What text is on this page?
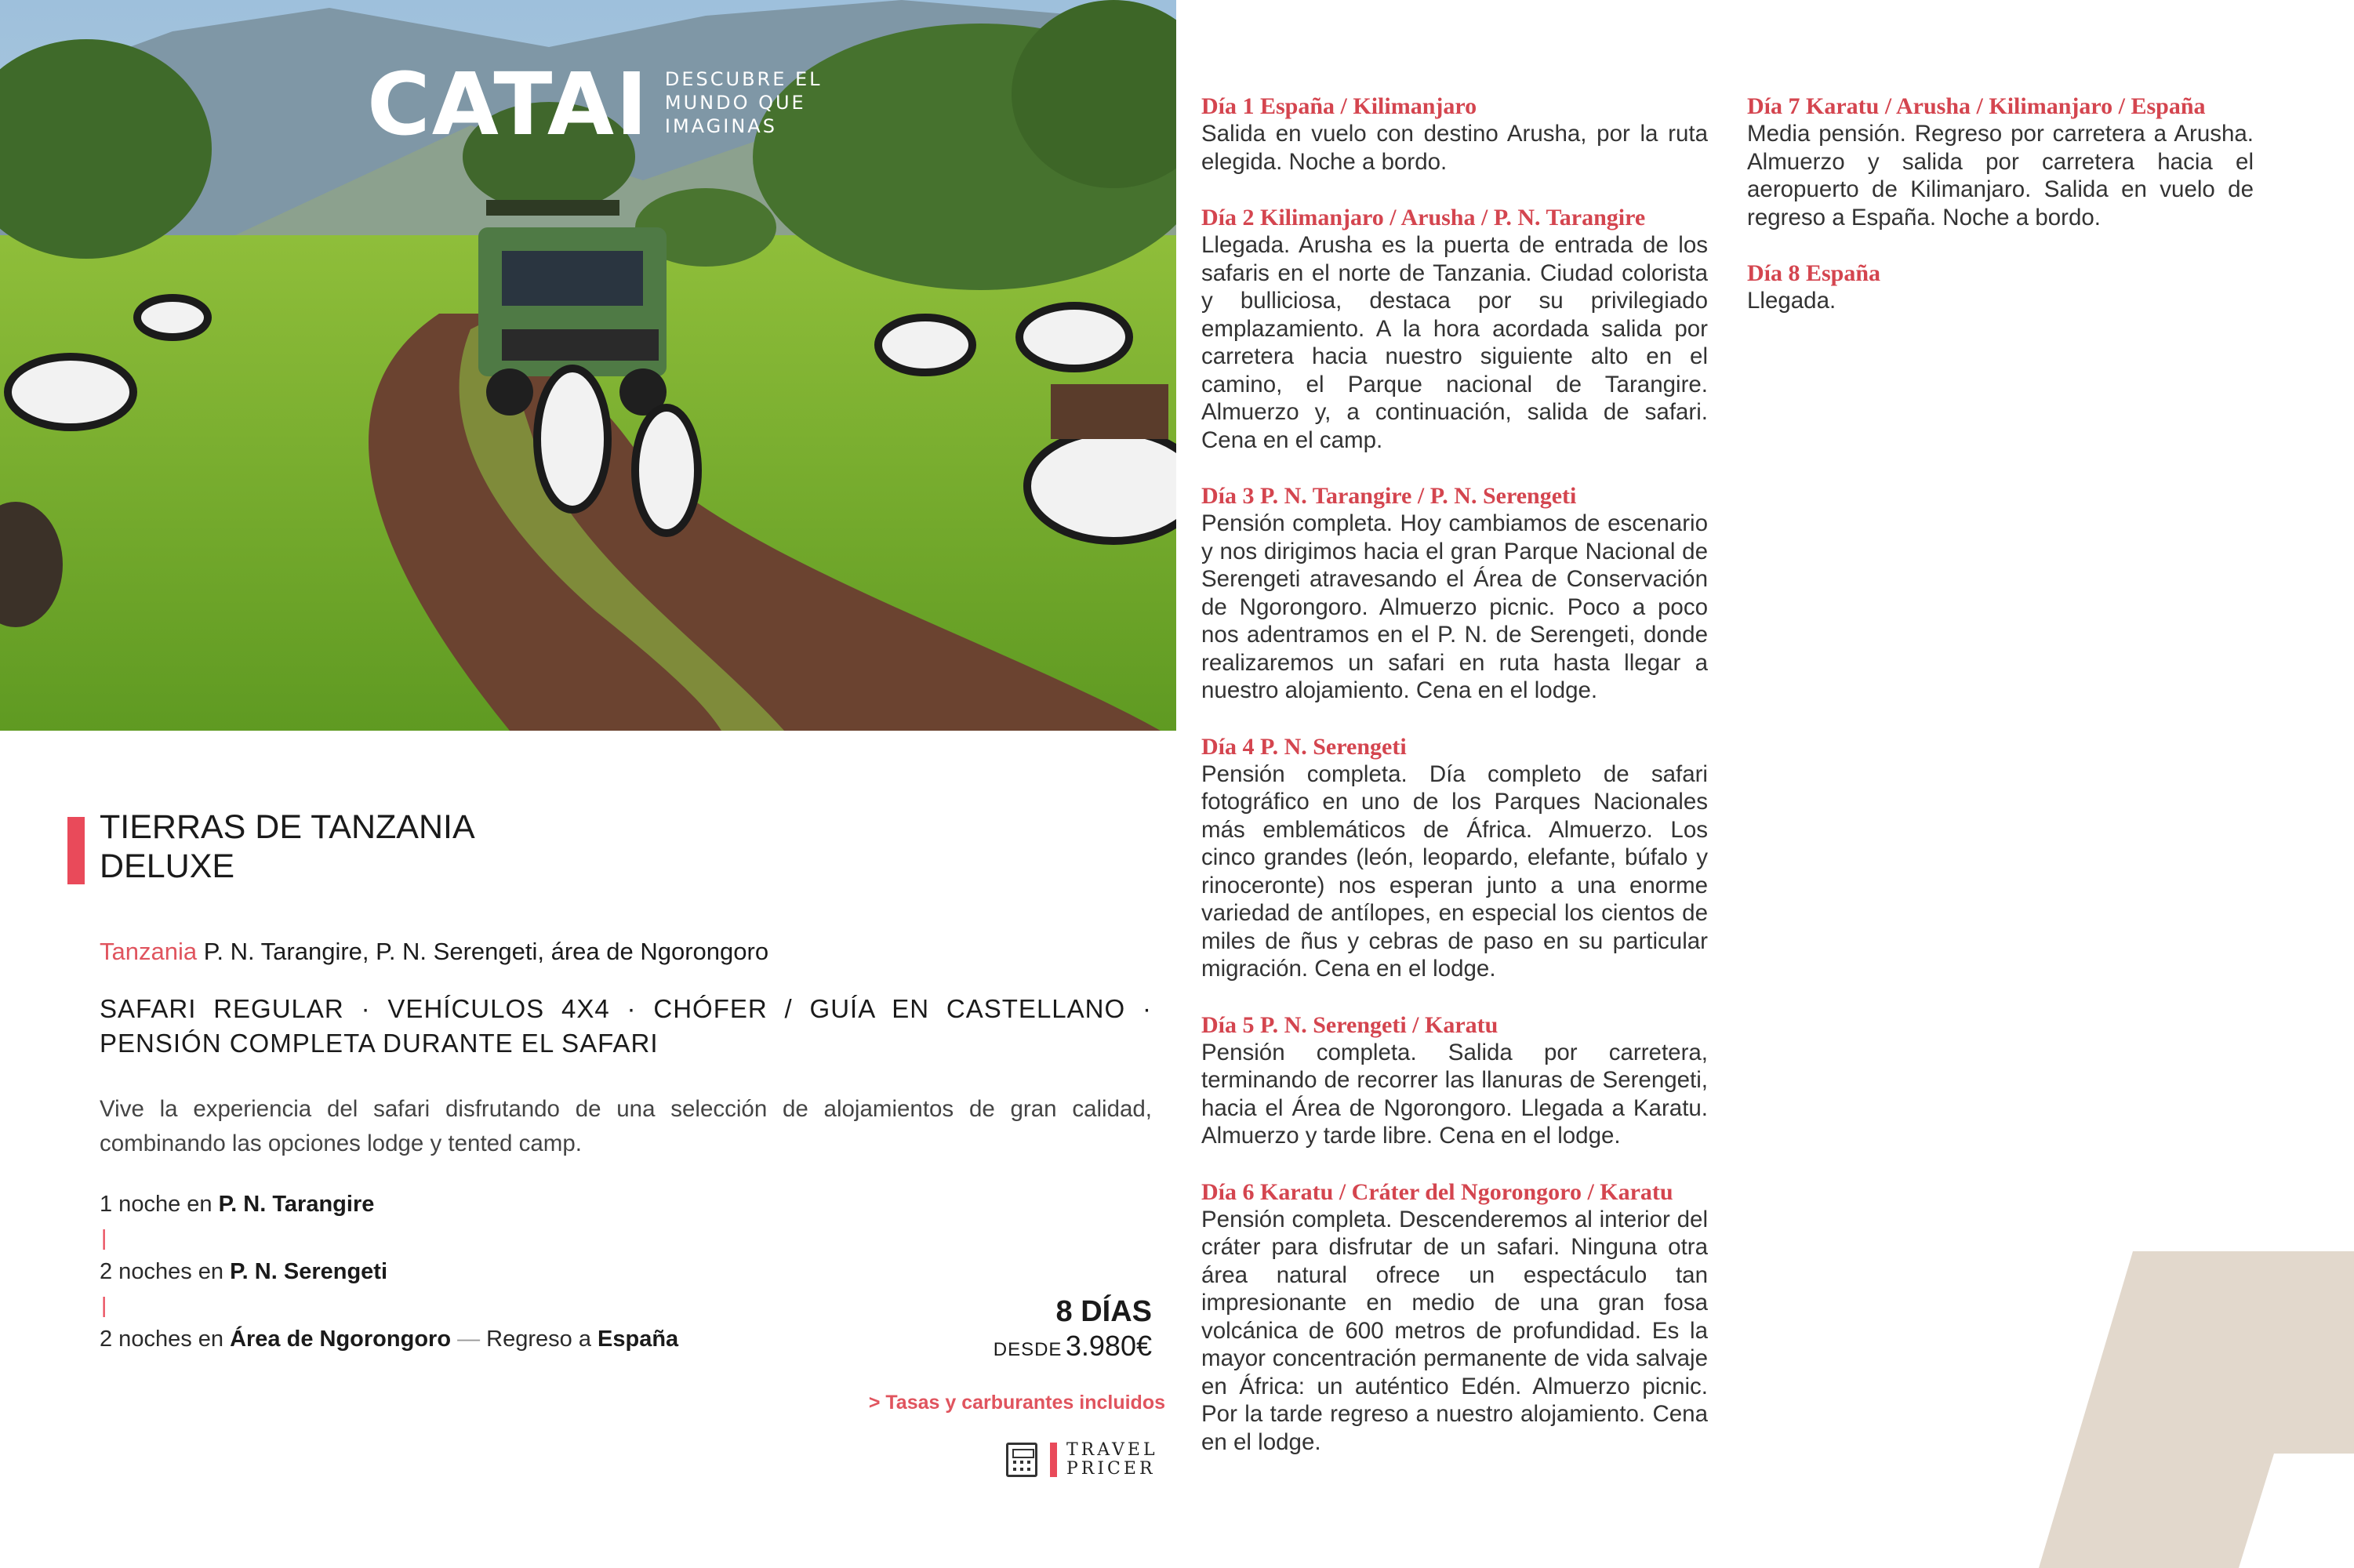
CATAI DESCUBRE EL
MUNDO QUE
IMAGINAS
TIERRAS DE TANZANIA
DELUXE
Tanzania P. N. Tarangire, P. N. Serengeti, área de Ngorongoro
SAFARI REGULAR · VEHÍCULOS 4X4 · CHÓFER / GUÍA EN CASTELLANO · PENSIÓN COMPLETA DURANTE EL SAFARI
Vive la experiencia del safari disfrutando de una selección de alojamientos de gran calidad, combinando las opciones lodge y tented camp.
1 noche en P. N. Tarangire
|
2 noches en P. N. Serengeti
|
2 noches en Área de Ngorongoro — Regreso a España
8 DÍAS
DESDE 3.980€
> Tasas y carburantes incluidos
TRAVEL
PRICER
Día 1 España / Kilimanjaro
Salida en vuelo con destino Arusha, por la ruta elegida. Noche a bordo.
Día 2 Kilimanjaro / Arusha / P. N. Tarangire
Llegada. Arusha es la puerta de entrada de los safaris en el norte de Tanzania. Ciudad colorista y bulliciosa, destaca por su privilegiado emplazamiento. A la hora acordada salida por carretera hacia nuestro siguiente alto en el camino, el Parque nacional de Tarangire. Almuerzo y, a continuación, salida de safari. Cena en el camp.
Día 3 P. N. Tarangire / P. N. Serengeti
Pensión completa. Hoy cambiamos de escenario y nos dirigimos hacia el gran Parque Nacional de Serengeti atravesando el Área de Conservación de Ngorongoro. Almuerzo picnic. Poco a poco nos adentramos en el P. N. de Serengeti, donde realizaremos un safari en ruta hasta llegar a nuestro alojamiento. Cena en el lodge.
Día 4 P. N. Serengeti
Pensión completa. Día completo de safari fotográfico en uno de los Parques Nacionales más emblemáticos de África. Almuerzo. Los cinco grandes (león, leopardo, elefante, búfalo y rinoceronte) nos esperan junto a una enorme variedad de antílopes, en especial los cientos de miles de ñus y cebras de paso en su particular migración. Cena en el lodge.
Día 5 P. N. Serengeti / Karatu
Pensión completa. Salida por carretera, terminando de recorrer las llanuras de Serengeti, hacia el Área de Ngorongoro. Llegada a Karatu. Almuerzo y tarde libre. Cena en el lodge.
Día 6 Karatu / Cráter del Ngorongoro / Karatu
Pensión completa. Descenderemos al interior del cráter para disfrutar de un safari. Ninguna otra área natural ofrece un espectáculo tan impresionante en medio de una gran fosa volcánica de 600 metros de profundidad. Es la mayor concentración permanente de vida salvaje en África: un auténtico Edén. Almuerzo picnic. Por la tarde regreso a nuestro alojamiento. Cena en el lodge.
Día 7 Karatu / Arusha / Kilimanjaro / España
Media pensión. Regreso por carretera a Arusha. Almuerzo y salida por carretera hacia el aeropuerto de Kilimanjaro. Salida en vuelo de regreso a España. Noche a bordo.
Día 8 España
Llegada.
